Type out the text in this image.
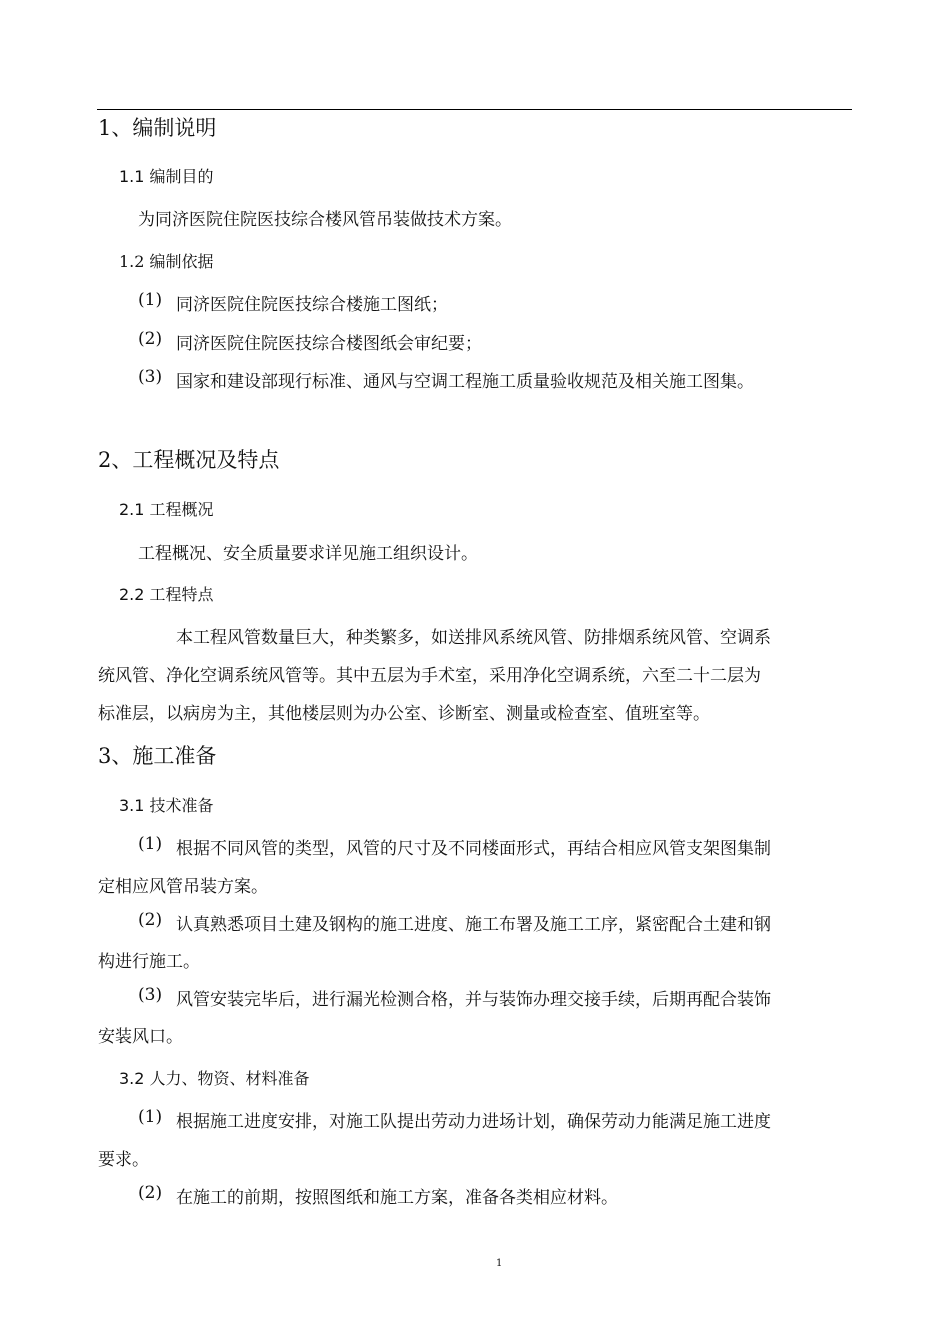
1、编制说明
1.1 编制目的
为同济医院住院医技综合楼风管吊装做技术方案。
1.2 编制依据
(1) 同济医院住院医技综合楼施工图纸；
(2) 同济医院住院医技综合楼图纸会审纪要；
(3) 国家和建设部现行标准、通风与空调工程施工质量验收规范及相关施工图集。
2、工程概况及特点
2.1 工程概况
工程概况、安全质量要求详见施工组织设计。
2.2 工程特点
本工程风管数量巨大，种类繁多，如送排风系统风管、防排烟系统风管、空调系
统风管、净化空调系统风管等。其中五层为手术室，采用净化空调系统，六至二十二层为
标准层，以病房为主，其他楼层则为办公室、诊断室、测量或检查室、值班室等。
3、施工准备
3.1 技术准备
(1) 根据不同风管的类型，风管的尺寸及不同楼面形式，再结合相应风管支架图集制
定相应风管吊装方案。
(2) 认真熟悉项目土建及钢构的施工进度、施工布署及施工工序，紧密配合土建和钢
构进行施工。
(3) 风管安装完毕后，进行漏光检测合格，并与装饰办理交接手续，后期再配合装饰
安装风口。
3.2 人力、物资、材料准备
(1) 根据施工进度安排，对施工队提出劳动力进场计划，确保劳动力能满足施工进度
要求。
(2) 在施工的前期，按照图纸和施工方案，准备各类相应材料。
1
